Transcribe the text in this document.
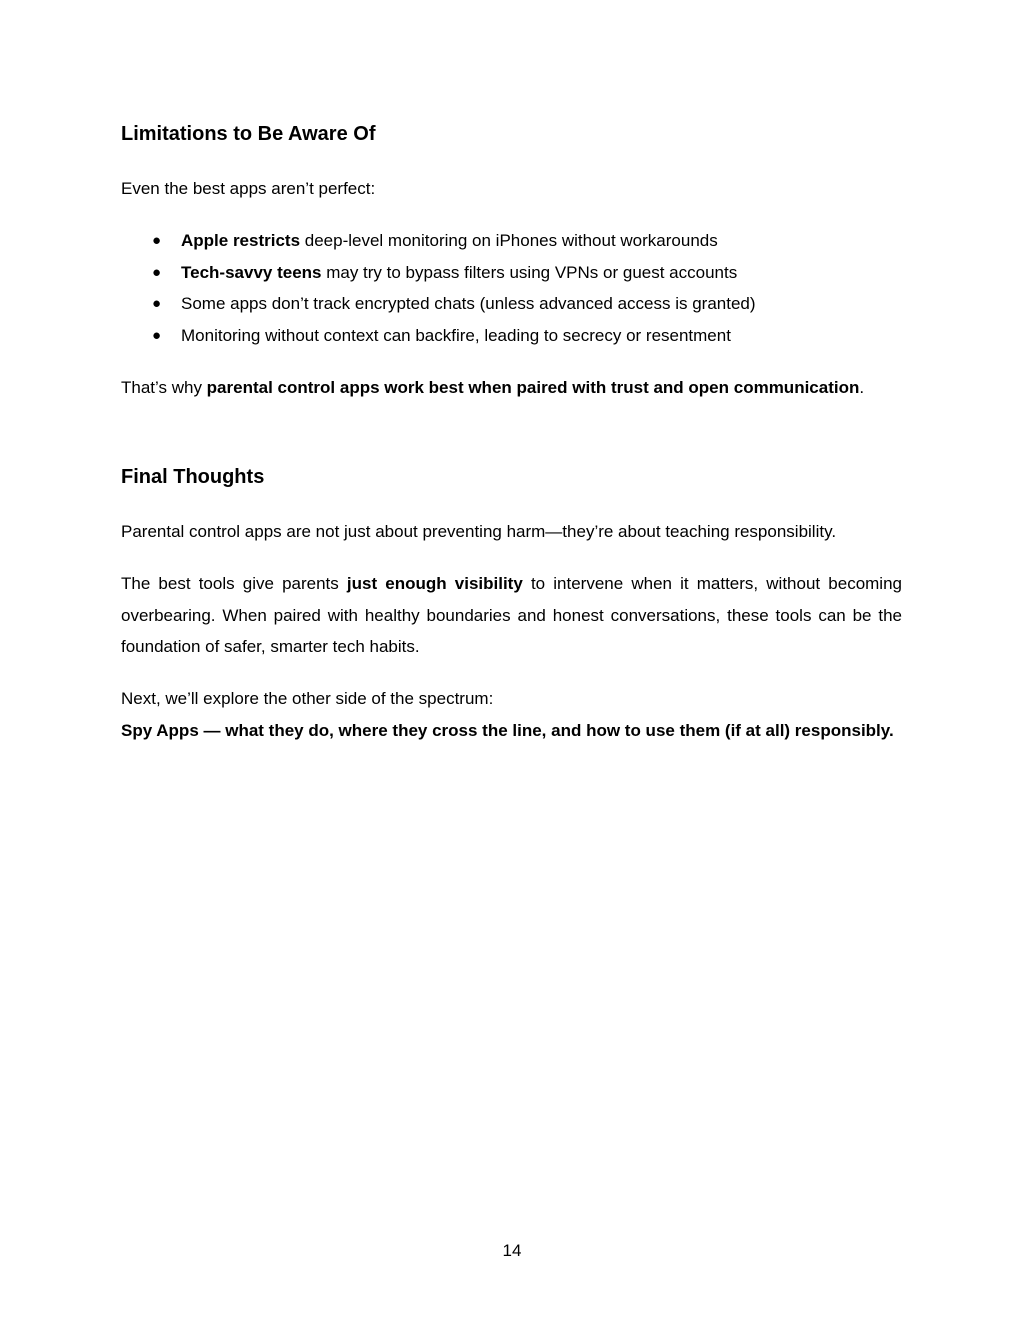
Limitations to Be Aware Of

Even the best apps aren’t perfect:

● Apple restricts deep-level monitoring on iPhones without workarounds
● Tech-savvy teens may try to bypass filters using VPNs or guest accounts
● Some apps don’t track encrypted chats (unless advanced access is granted)
● Monitoring without context can backfire, leading to secrecy or resentment

That’s why parental control apps work best when paired with trust and open communication.

Final Thoughts

Parental control apps are not just about preventing harm—they’re about teaching responsibility.

The best tools give parents just enough visibility to intervene when it matters, without becoming overbearing. When paired with healthy boundaries and honest conversations, these tools can be the foundation of safer, smarter tech habits.

Next, we’ll explore the other side of the spectrum:

Spy Apps — what they do, where they cross the line, and how to use them (if at all) responsibly.

14
